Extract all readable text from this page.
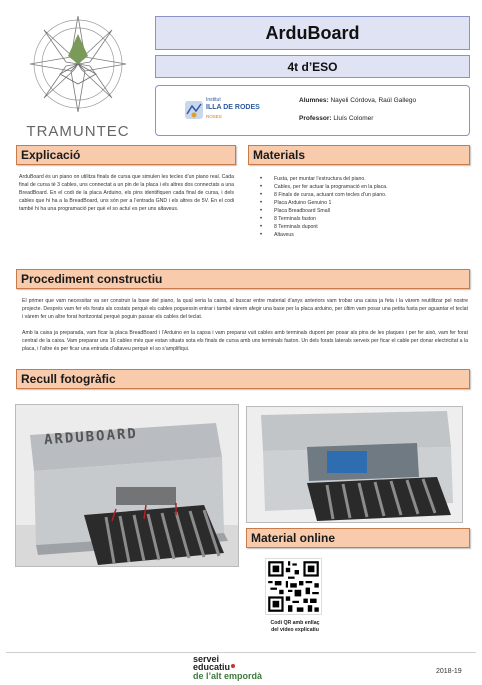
TRAMUNTEC
ArduBoard
4t d’ESO
Institut
ILLA DE RODES
ROSES
Alumnes: Nayeli Córdova, Raúl Gallego
Professor: Lluís Colomer
Explicació
ArduBoard és un piano on utilitza finals de cursa que simulen les tecles d’un piano real. Cada final de cursa té 3 cables, uns connectat a un pin de la placa i els altres dos connectats a una BreadBoard. En el codi de la placa Arduino, els pins identifiquen cada final de cursa, i dels cables que hi ha a la BreadBoard, uns són per a l’entrada GND i els altres de 5V. En el codi també hi ha una programació per què el so actuï es per uns altaveus.
Materials
• Fusta, per muntar l’estructura del piano.
• Cables, per fer actuar la programació en la placa.
• 8 Finals de cursa, actuant com tecles d’un piano.
• Placa Arduino Genuino 1
• Placa Breadboard Small
• 8 Terminals faston
• 8 Terminals dupont
• Altaveus
Procediment constructiu
El primer que vam necessitar va ser construir la base del piano, la qual seria la caixa, al buscar entre material d’anys anteriors vam trobar una caixa ja feta i la vàrem reutilitzar pel nostre projecte. Després vam fer els forats als costats perquè els cables poguessin entrar i també vàrem afegir una base per la placa arduino, per últim vam posar una petita fusta per aguantar el teclat i vàrem fer un altre forat horitzontal perquè poguin passar els cables del teclat.
Amb la caixa ja preparada, vam ficar la placa BreadBoard i l’Arduino en la capsa i vam preparar vuit cables amb terminals dupont per posar als pins de les plaques i per fer això, vam fer forat central de la caixa. Vam preparar uns 16 cables més que estan situats sota els finals de cursa amb uns terminals faston. Un dels forats laterals serveix per ficar el cable per donar electricitat a la placa, i l’altre és per ficar una entrada d’altaveu perquè el so s’amplifiqui.
Recull fotogràfic
ARDUBOARD
Material online
Codi QR amb enllaç
del vídeo explicatiu
servei
educatiu
de l’alt empordà	2018-19
